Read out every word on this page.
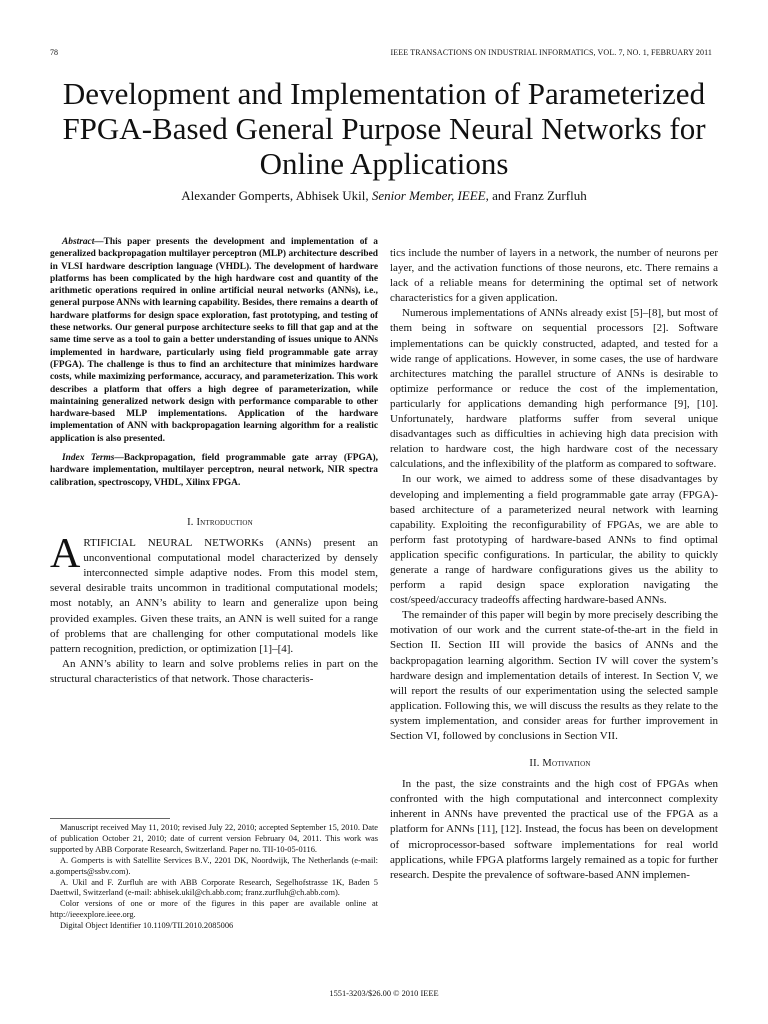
78	IEEE TRANSACTIONS ON INDUSTRIAL INFORMATICS, VOL. 7, NO. 1, FEBRUARY 2011
Development and Implementation of Parameterized
FPGA-Based General Purpose Neural Networks for
Online Applications
Alexander Gomperts, Abhisek Ukil, Senior Member, IEEE, and Franz Zurfluh

Abstract—This paper presents the development and implementation of a generalized backpropagation multilayer perceptron (MLP) architecture described in VLSI hardware description language (VHDL). The development of hardware platforms has been complicated by the high hardware cost and quantity of the arithmetic operations required in online artificial neural networks (ANNs), i.e., general purpose ANNs with learning capability. Besides, there remains a dearth of hardware platforms for design space exploration, fast prototyping, and testing of these networks. Our general purpose architecture seeks to fill that gap and at the same time serve as a tool to gain a better understanding of issues unique to ANNs implemented in hardware, particularly using field programmable gate array (FPGA). The challenge is thus to find an architecture that minimizes hardware costs, while maximizing performance, accuracy, and parameterization. This work describes a platform that offers a high degree of parameterization, while maintaining generalized network design with performance comparable to other hardware-based MLP implementations. Application of the hardware implementation of ANN with backpropagation learning algorithm for a realistic application is also presented.

Index Terms—Backpropagation, field programmable gate array (FPGA), hardware implementation, multilayer perceptron, neural network, NIR spectra calibration, spectroscopy, VHDL, Xilinx FPGA.

I. Introduction

ARTIFICIAL NEURAL NETWORKs (ANNs) present an unconventional computational model characterized by densely interconnected simple adaptive nodes. From this model stem, several desirable traits uncommon in traditional computational models; most notably, an ANN’s ability to learn and generalize upon being provided examples. Given these traits, an ANN is well suited for a range of problems that are challenging for other computational models like pattern recognition, prediction, or optimization [1]–[4].

An ANN’s ability to learn and solve problems relies in part on the structural characteristics of that network. Those characteris-

Manuscript received May 11, 2010; revised July 22, 2010; accepted September 15, 2010. Date of publication October 21, 2010; date of current version February 04, 2011. This work was supported by ABB Corporate Research, Switzerland. Paper no. TII-10-05-0116.

A. Gomperts is with Satellite Services B.V., 2201 DK, Noordwijk, The Netherlands (e-mail: a.gomperts@ssbv.com).

A. Ukil and F. Zurfluh are with ABB Corporate Research, Segelhofstrasse 1K, Baden 5 Daettwil, Switzerland (e-mail: abhisek.ukil@ch.abb.com; franz.zurfluh@ch.abb.com).

Color versions of one or more of the figures in this paper are available online at http://ieeexplore.ieee.org.

Digital Object Identifier 10.1109/TII.2010.2085006

tics include the number of layers in a network, the number of neurons per layer, and the activation functions of those neurons, etc. There remains a lack of a reliable means for determining the optimal set of network characteristics for a given application.

Numerous implementations of ANNs already exist [5]–[8], but most of them being in software on sequential processors [2]. Software implementations can be quickly constructed, adapted, and tested for a wide range of applications. However, in some cases, the use of hardware architectures matching the parallel structure of ANNs is desirable to optimize performance or reduce the cost of the implementation, particularly for applications demanding high performance [9], [10]. Unfortunately, hardware platforms suffer from several unique disadvantages such as difficulties in achieving high data precision with relation to hardware cost, the high hardware cost of the necessary calculations, and the inflexibility of the platform as compared to software.

In our work, we aimed to address some of these disadvantages by developing and implementing a field programmable gate array (FPGA)-based architecture of a parameterized neural network with learning capability. Exploiting the reconfigurability of FPGAs, we are able to perform fast prototyping of hardware-based ANNs to find optimal application specific configurations. In particular, the ability to quickly generate a range of hardware configurations gives us the ability to perform a rapid design space exploration navigating the cost/speed/accuracy tradeoffs affecting hardware-based ANNs.

The remainder of this paper will begin by more precisely describing the motivation of our work and the current state-of-the-art in the field in Section II. Section III will provide the basics of ANNs and the backpropagation learning algorithm. Section IV will cover the system’s hardware design and implementation details of interest. In Section V, we will report the results of our experimentation using the selected sample application. Following this, we will discuss the results as they relate to the system implementation, and consider areas for further improvement in Section VI, followed by conclusions in Section VII.

II. Motivation

In the past, the size constraints and the high cost of FPGAs when confronted with the high computational and interconnect complexity inherent in ANNs have prevented the practical use of the FPGA as a platform for ANNs [11], [12]. Instead, the focus has been on development of microprocessor-based software implementations for real world applications, while FPGA platforms largely remained as a topic for further research. Despite the prevalence of software-based ANN implemen-

1551-3203/$26.00 © 2010 IEEE
